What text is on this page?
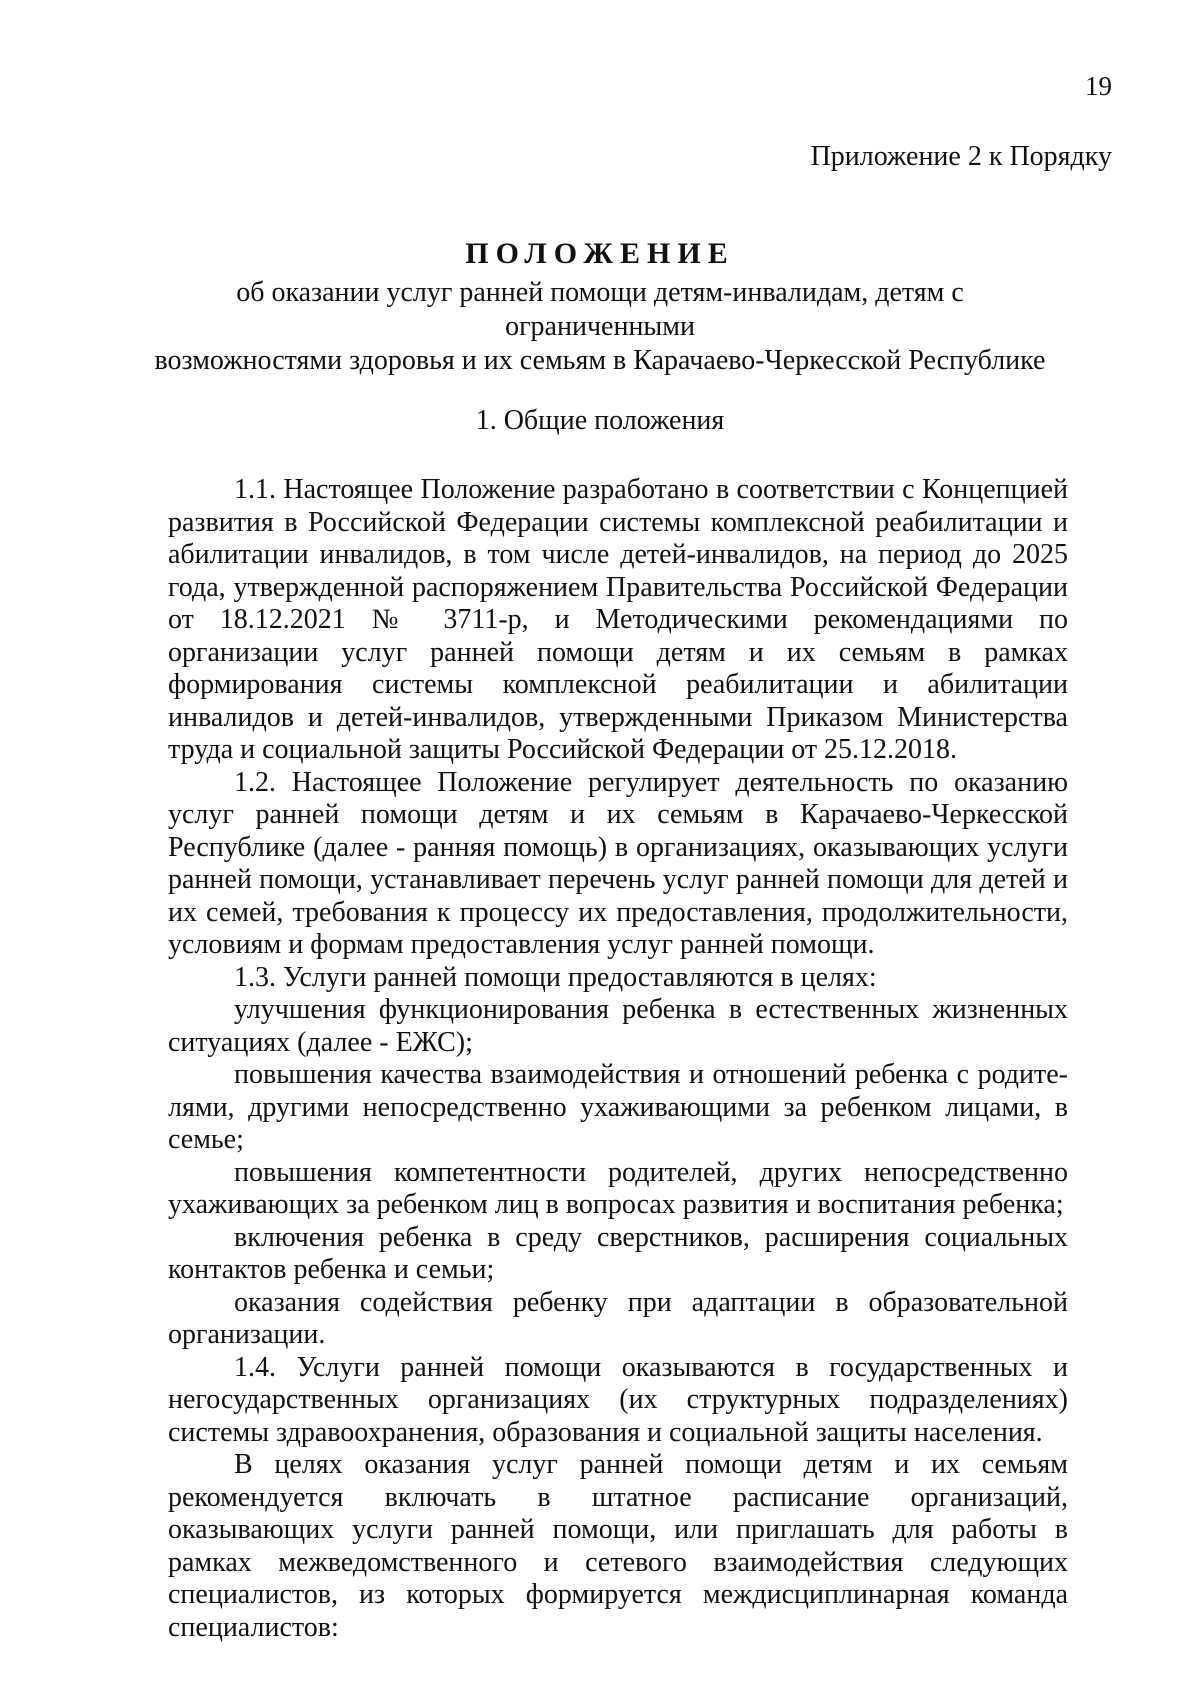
19
Приложение 2 к Порядку
ПОЛОЖЕНИЕ
об оказании услуг ранней помощи детям-инвалидам, детям с ограниченными
возможностями здоровья и их семьям в Карачаево-Черкесской Республике
1. Общие положения

1.1. Настоящее Положение разработано в соответствии с Концепцией развития в Российской Федерации системы комплексной реабилитации и абилитации инвалидов, в том числе детей-инвалидов, на период до 2025 года, утвержденной распоряжением Правительства Российской Федерации от 18.12.2021 № 3711-р, и Методическими рекомендациями по организации услуг ранней помощи детям и их семьям в рамках формирования системы комплексной реабилитации и абилитации инвалидов и детей-инвалидов, утвержденными Приказом Министерства труда и социальной защиты Российской Федерации от 25.12.2018.

1.2. Настоящее Положение регулирует деятельность по оказанию услуг ранней помощи детям и их семьям в Карачаево-Черкесской Республике (далее - ранняя помощь) в организациях, оказывающих услуги ранней помощи, устанавливает перечень услуг ранней помощи для детей и их семей, требования к процессу их предоставления, продолжительности, условиям и формам предоставления услуг ранней помощи.

1.3. Услуги ранней помощи предоставляются в целях:

улучшения функционирования ребенка в естественных жизненных ситуациях (далее - ЕЖС);

повышения качества взаимодействия и отношений ребенка с родителями, другими непосредственно ухаживающими за ребенком лицами, в семье;

повышения компетентности родителей, других непосредственно ухаживающих за ребенком лиц в вопросах развития и воспитания ребенка;

включения ребенка в среду сверстников, расширения социальных контактов ребенка и семьи;

оказания содействия ребенку при адаптации в образовательной организации.

1.4. Услуги ранней помощи оказываются в государственных и негосударственных организациях (их структурных подразделениях) системы здравоохранения, образования и социальной защиты населения.

В целях оказания услуг ранней помощи детям и их семьям рекомендуется включать в штатное расписание организаций, оказывающих услуги ранней помощи, или приглашать для работы в рамках межведомственного и сетевого взаимодействия следующих специалистов, из которых формируется междисциплинарная команда специалистов:
